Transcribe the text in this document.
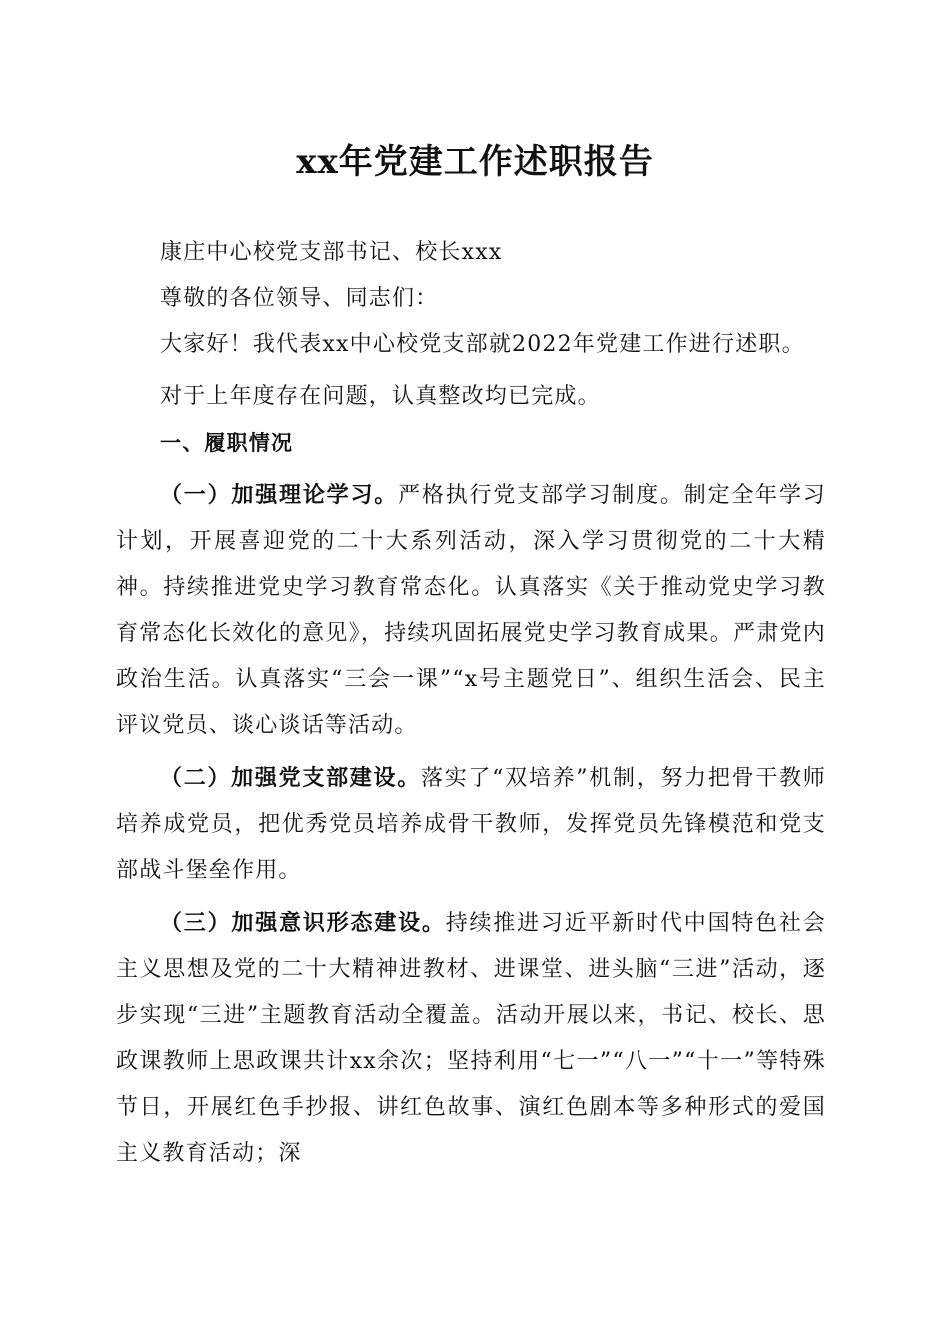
xx年党建工作述职报告

康庄中心校党支部书记、校长xxx

尊敬的各位领导、同志们：

大家好！我代表xx中心校党支部就2022年党建工作进行述职。

对于上年度存在问题，认真整改均已完成。

一、履职情况

（一）加强理论学习。严格执行党支部学习制度。制定全年学习计划，开展喜迎党的二十大系列活动，深入学习贯彻党的二十大精神。持续推进党史学习教育常态化。认真落实《关于推动党史学习教育常态化长效化的意见》，持续巩固拓展党史学习教育成果。严肃党内政治生活。认真落实“三会一课”“x号主题党日”、组织生活会、民主评议党员、谈心谈话等活动。

（二）加强党支部建设。落实了“双培养”机制，努力把骨干教师培养成党员，把优秀党员培养成骨干教师，发挥党员先锋模范和党支部战斗堡垒作用。

（三）加强意识形态建设。持续推进习近平新时代中国特色社会主义思想及党的二十大精神进教材、进课堂、进头脑“三进”活动，逐步实现“三进”主题教育活动全覆盖。活动开展以来，书记、校长、思政课教师上思政课共计xx余次；坚持利用“七一”“八一”“十一”等特殊节日，开展红色手抄报、讲红色故事、演红色剧本等多种形式的爱国主义教育活动；深
